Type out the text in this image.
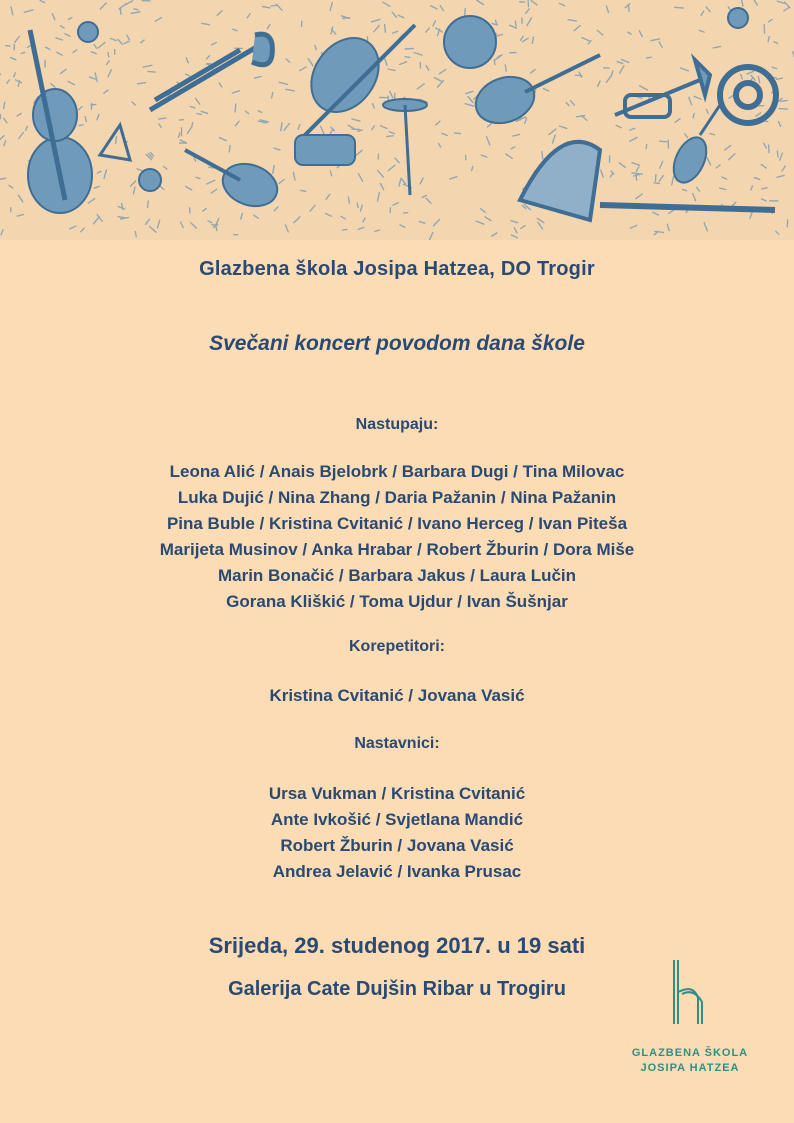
Glazbena škola Josipa Hatzea, DO Trogir
Svečani koncert povodom dana škole
Nastupaju:
Leona Alić / Anais Bjelobrk / Barbara Dugi / Tina Milovac
Luka Dujić / Nina Zhang / Daria Pažanin / Nina Pažanin
Pina Buble / Kristina Cvitanić / Ivano Herceg / Ivan Piteša
Marijeta Musinov / Anka Hrabar / Robert Žburin / Dora Miše
Marin Bonačić / Barbara Jakus / Laura Lučin
Gorana Kliškić / Toma Ujdur / Ivan Šušnjar
Korepetitori:
Kristina Cvitanić / Jovana Vasić
Nastavnici:
Ursa Vukman / Kristina Cvitanić
Ante Ivkošić / Svjetlana Mandić
Robert Žburin / Jovana Vasić
Andrea Jelavić / Ivanka Prusac
Srijeda, 29. studenog 2017. u 19 sati
Galerija Cate Dujšin Ribar u Trogiru
GLAZBENA ŠKOLA
JOSIPA HATZEA
